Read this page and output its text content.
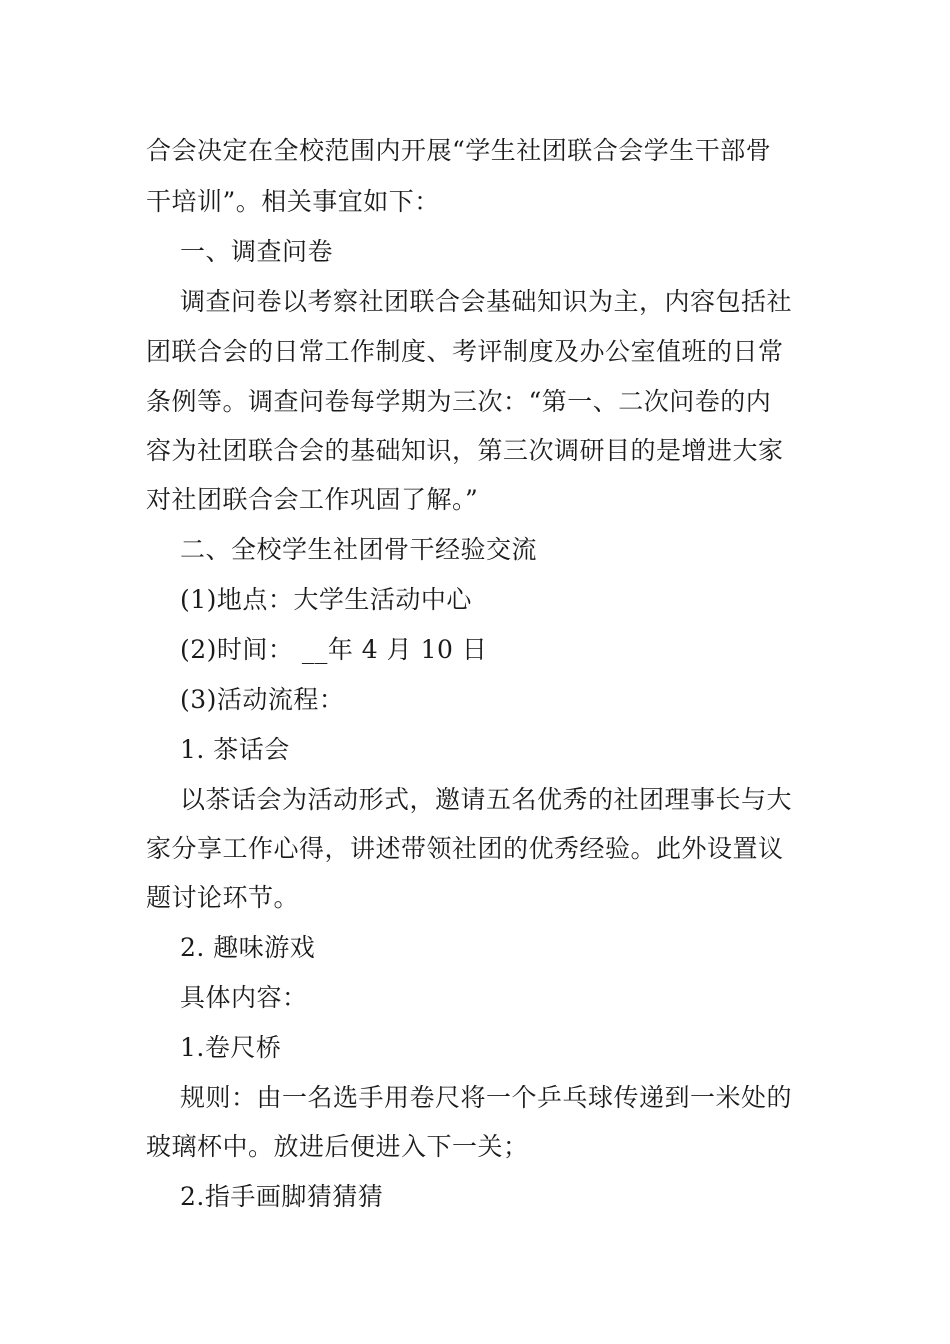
合会决定在全校范围内开展“学生社团联合会学生干部骨
干培训”。相关事宜如下：
一、调查问卷
调查问卷以考察社团联合会基础知识为主，内容包括社
团联合会的日常工作制度、考评制度及办公室值班的日常
条例等。调查问卷每学期为三次：“第一、二次问卷的内
容为社团联合会的基础知识，第三次调研目的是增进大家
对社团联合会工作巩固了解。”
二、全校学生社团骨干经验交流
(1)地点：大学生活动中心
(2)时间： __年 4 月 10 日
(3)活动流程：
1. 茶话会
以茶话会为活动形式，邀请五名优秀的社团理事长与大
家分享工作心得，讲述带领社团的优秀经验。此外设置议
题讨论环节。
2. 趣味游戏
具体内容：
1.卷尺桥
规则：由一名选手用卷尺将一个乒乓球传递到一米处的
玻璃杯中。放进后便进入下一关；
2.指手画脚猜猜猜
